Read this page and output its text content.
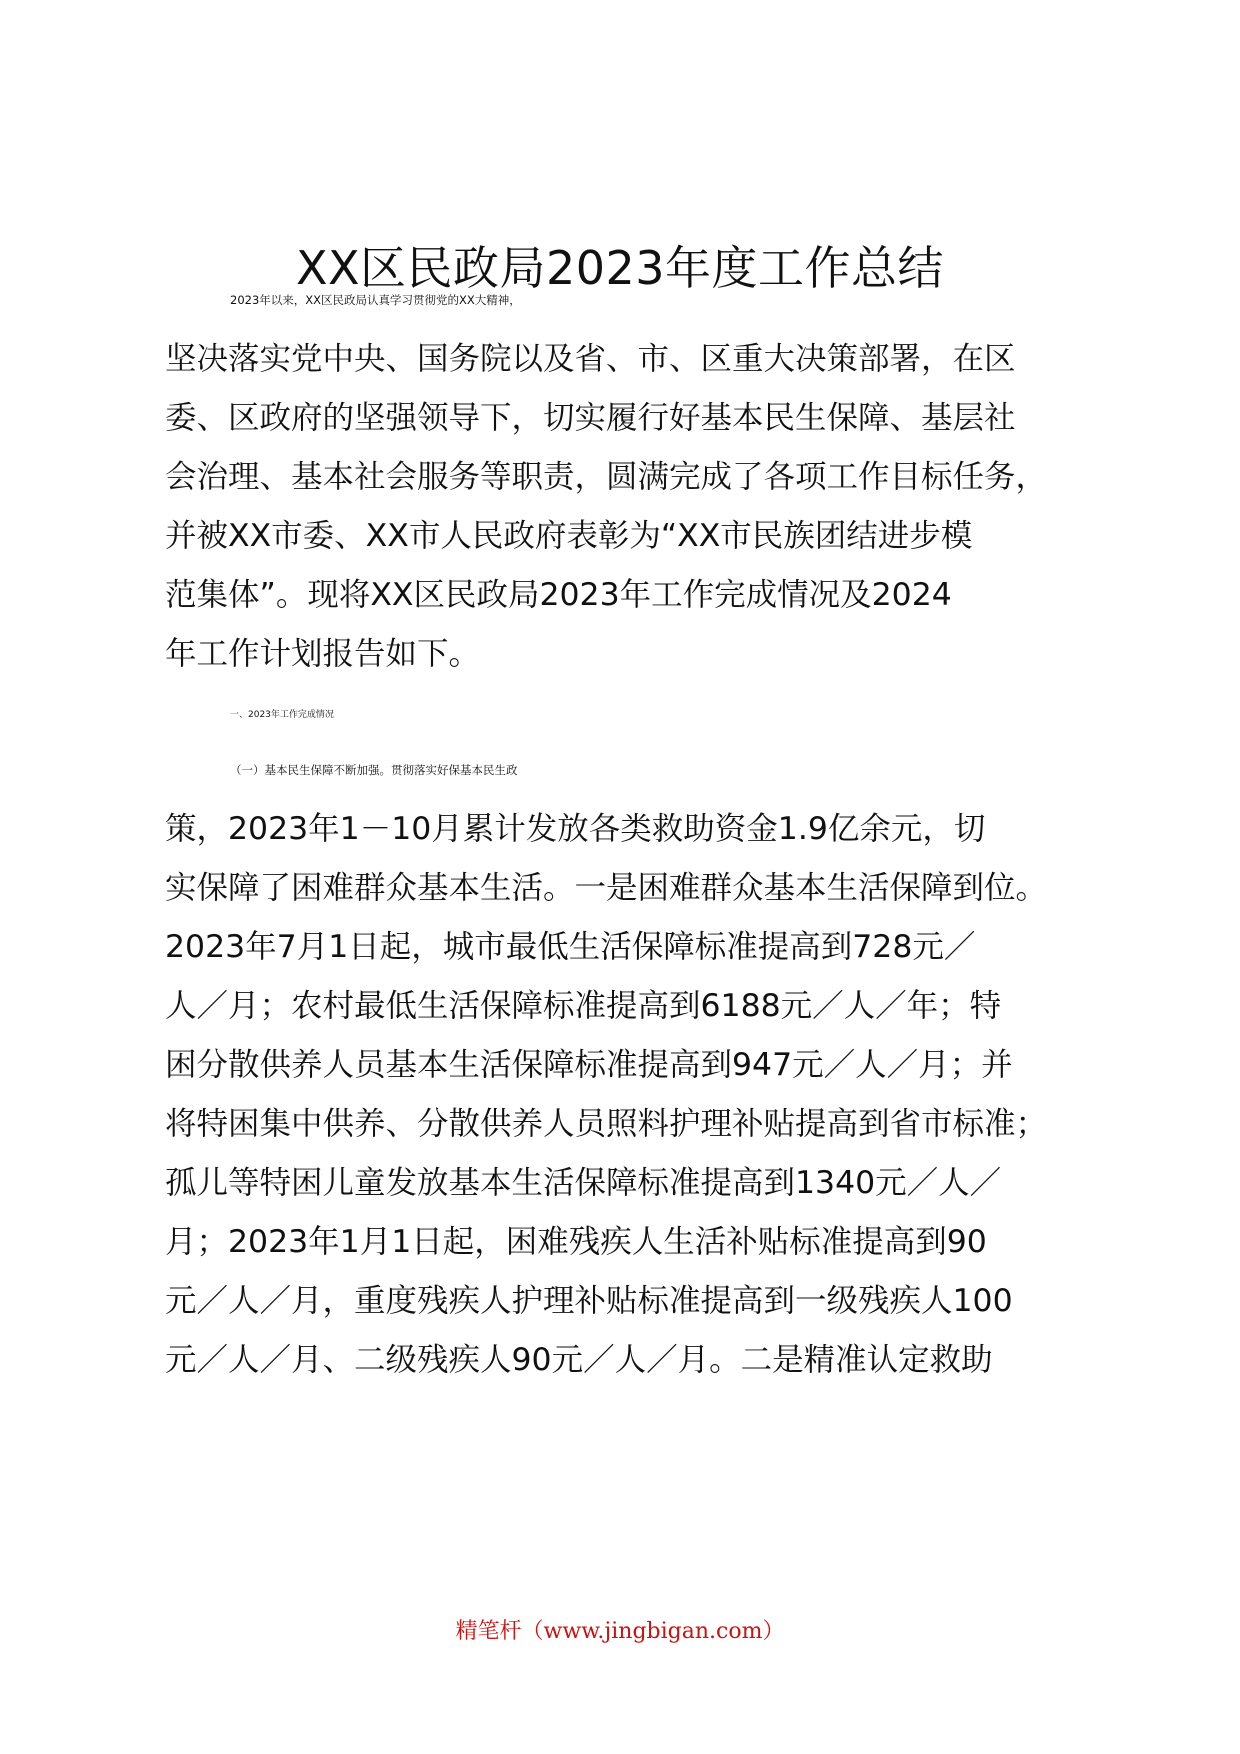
XX区民政局2023年度工作总结

2023年以来，XX区民政局认真学习贯彻党的XX大精神，

坚决落实党中央、国务院以及省、市、区重大决策部署，在区

委、区政府的坚强领导下，切实履行好基本民生保障、基层社

会治理、基本社会服务等职责，圆满完成了各项工作目标任务，

并被XX市委、XX市人民政府表彰为“XX市民族团结进步模

范集体”。现将XX区民政局2023年工作完成情况及2024

年工作计划报告如下。

一、2023年工作完成情况

（一）基本民生保障不断加强。贯彻落实好保基本民生政

策，2023年1－10月累计发放各类救助资金1.9亿余元，切

实保障了困难群众基本生活。一是困难群众基本生活保障到位。

2023年7月1日起，城市最低生活保障标准提高到728元／

人／月；农村最低生活保障标准提高到6188元／人／年；特

困分散供养人员基本生活保障标准提高到947元／人／月；并

将特困集中供养、分散供养人员照料护理补贴提高到省市标准；

孤儿等特困儿童发放基本生活保障标准提高到1340元／人／

月；2023年1月1日起，困难残疾人生活补贴标准提高到90

元／人／月，重度残疾人护理补贴标准提高到一级残疾人100

元／人／月、二级残疾人90元／人／月。二是精准认定救助

精笔杆（www.jingbigan.com）
